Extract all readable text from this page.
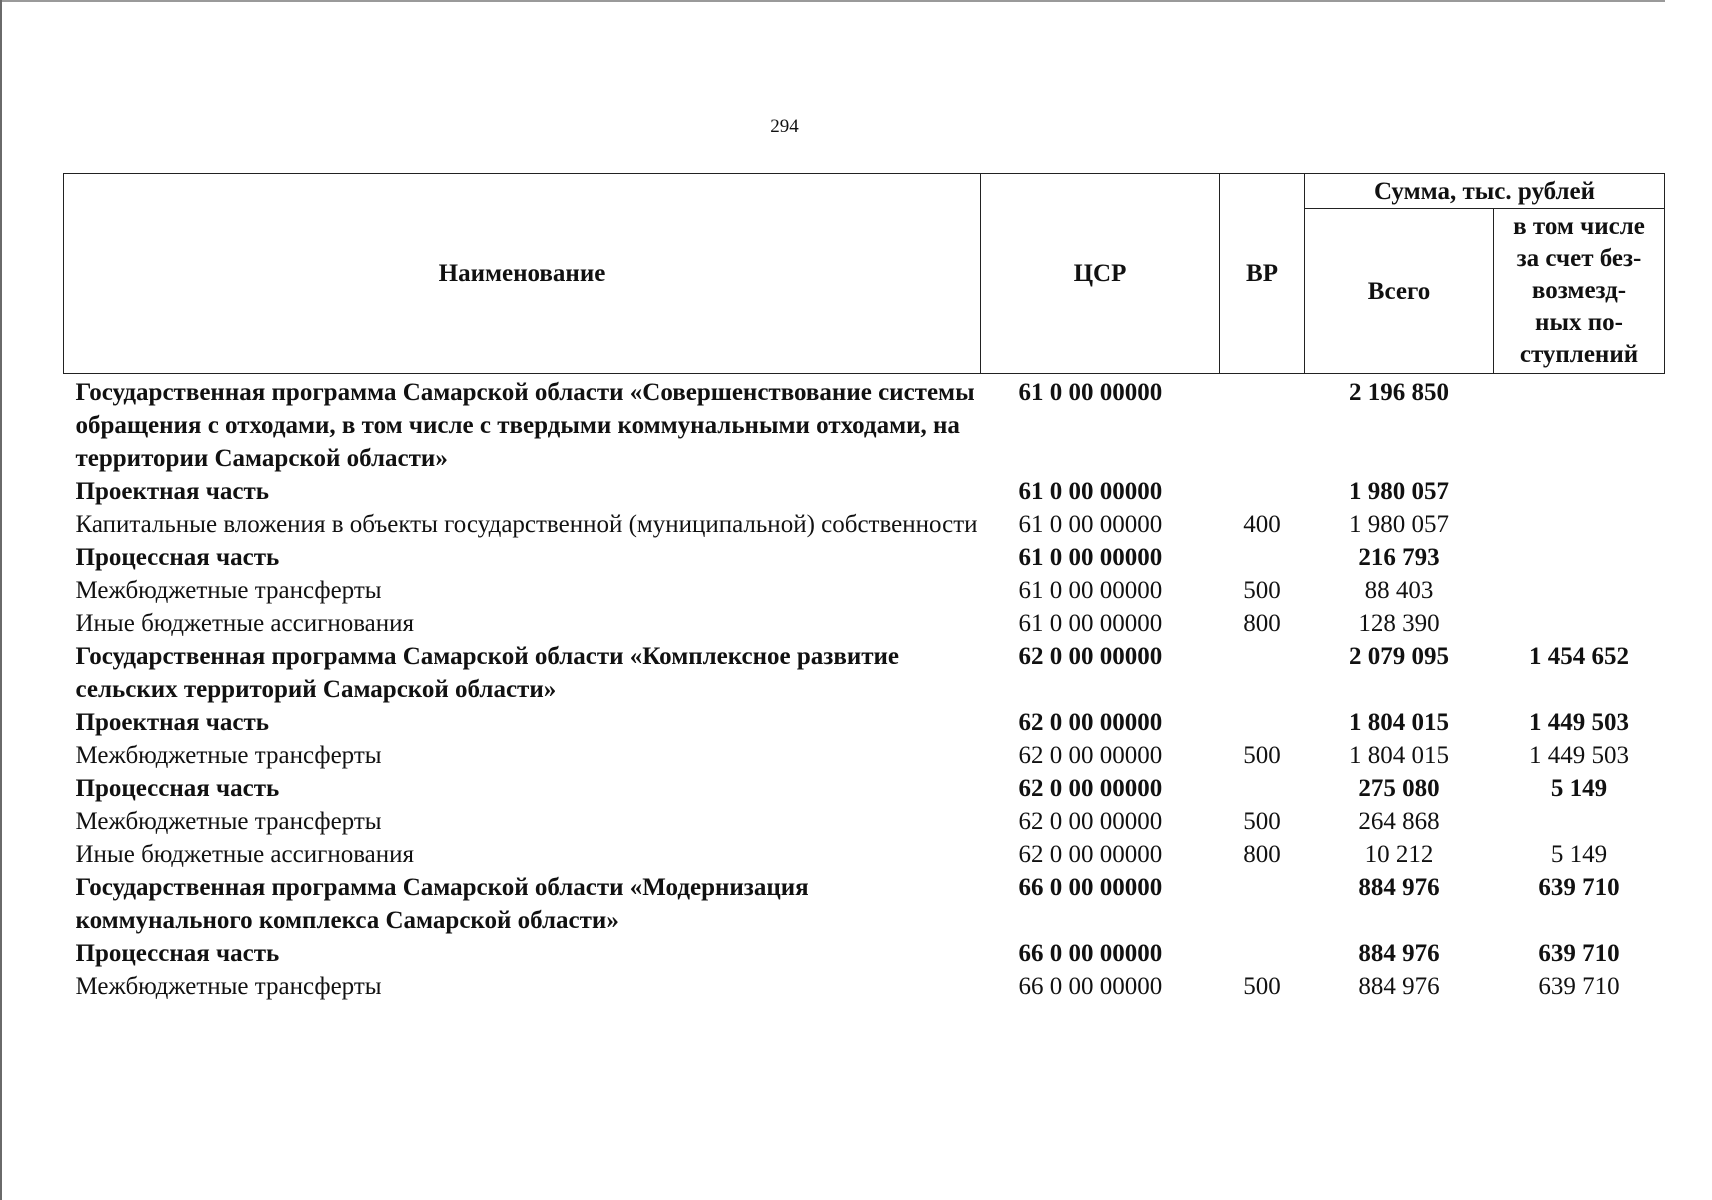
294
Наименование	ЦСР	ВР	Сумма, тыс. рублей	
			Всего	в том числе
за счет без-
возмезд-
ных по-
ступлений

Государственная программа Самарской области «Совершенствование системы обращения с отходами, в том числе с твердыми коммунальными отходами, на территории Самарской области»	61 0 00 00000		2 196 850	
Проектная часть	61 0 00 00000		1 980 057	
Капитальные вложения в объекты государственной (муниципальной) собственности	61 0 00 00000	400	1 980 057	
Процессная часть	61 0 00 00000		216 793	
Межбюджетные трансферты	61 0 00 00000	500	88 403	
Иные бюджетные ассигнования	61 0 00 00000	800	128 390	
Государственная программа Самарской области «Комплексное развитие сельских территорий Самарской области»	62 0 00 00000		2 079 095	1 454 652
Проектная часть	62 0 00 00000		1 804 015	1 449 503
Межбюджетные трансферты	62 0 00 00000	500	1 804 015	1 449 503
Процессная часть	62 0 00 00000		275 080	5 149
Межбюджетные трансферты	62 0 00 00000	500	264 868	
Иные бюджетные ассигнования	62 0 00 00000	800	10 212	5 149
Государственная программа Самарской области «Модернизация коммунального комплекса Самарской области»	66 0 00 00000		884 976	639 710
Процессная часть	66 0 00 00000		884 976	639 710
Межбюджетные трансферты	66 0 00 00000	500	884 976	639 710
